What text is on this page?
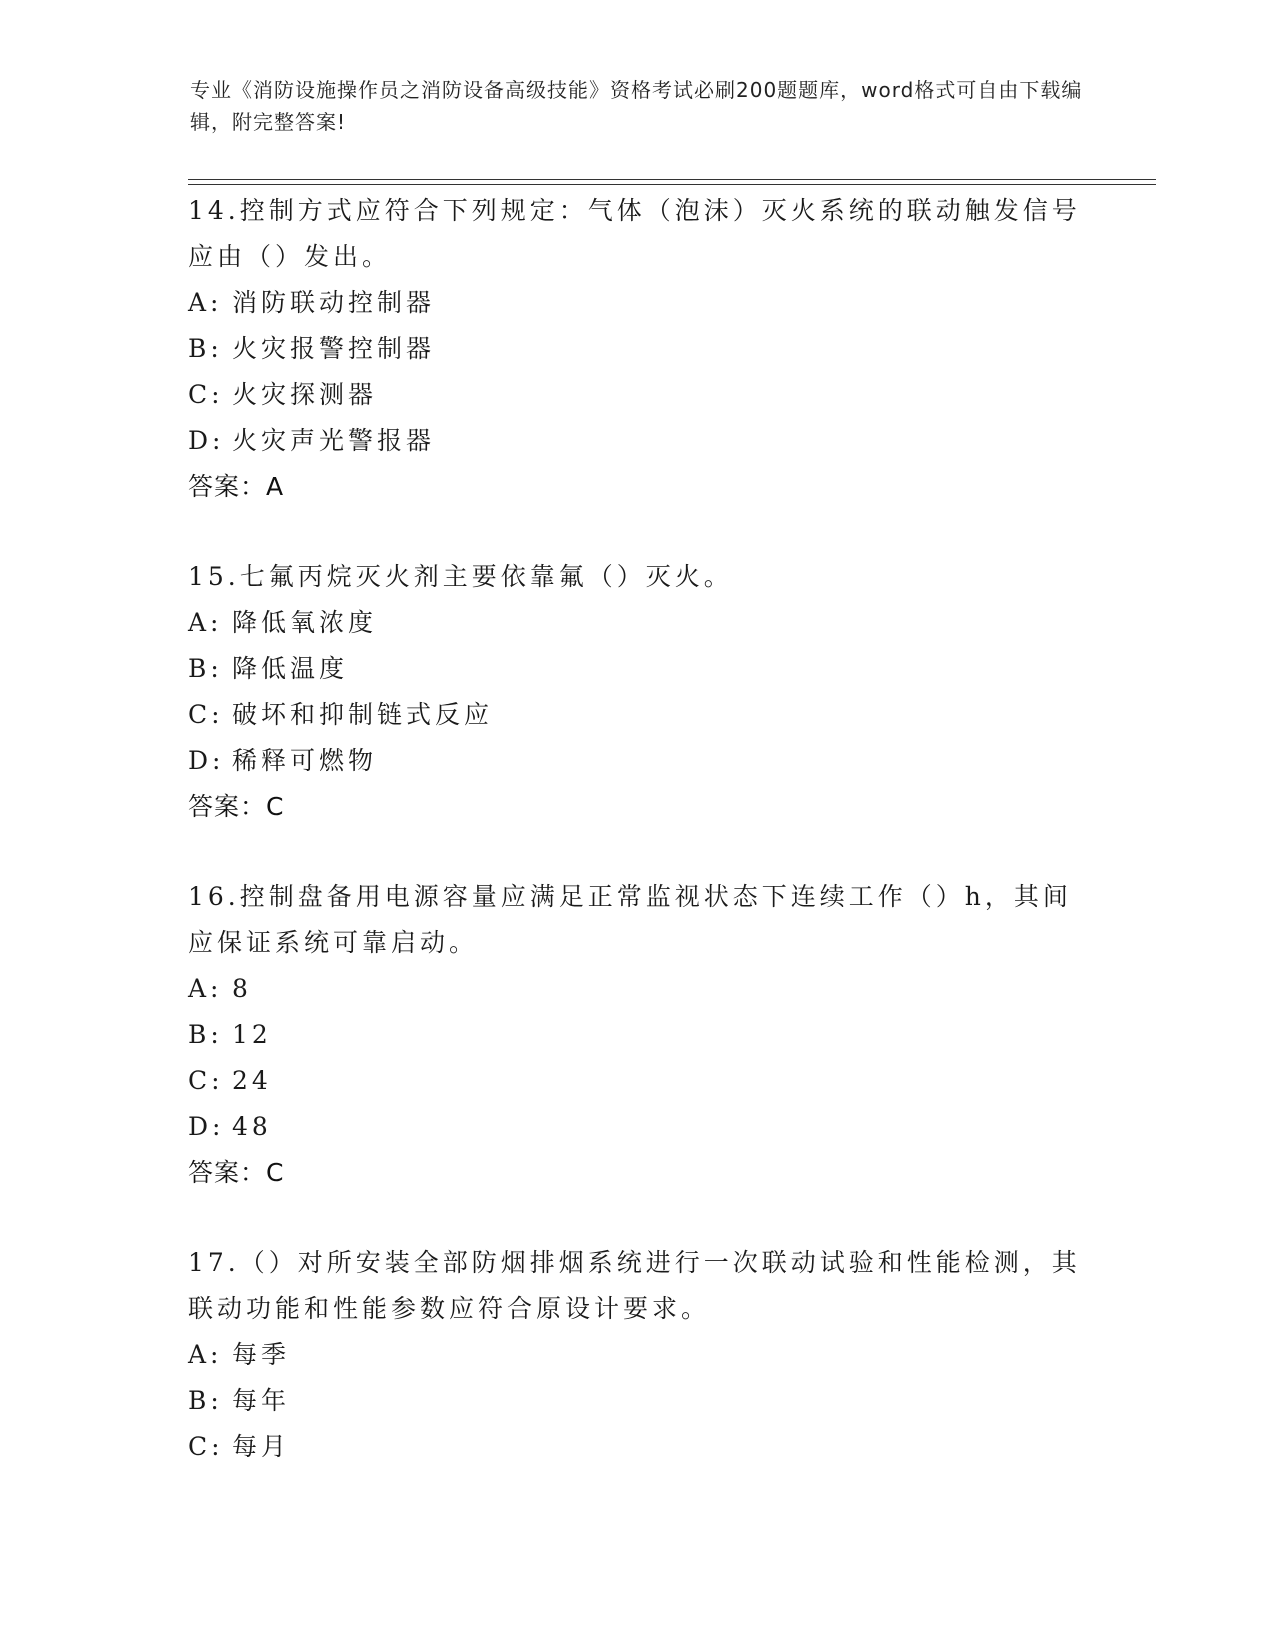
专业《消防设施操作员之消防设备高级技能》资格考试必刷200题题库，word格式可自由下载编辑，附完整答案!
14.控制方式应符合下列规定：气体（泡沫）灭火系统的联动触发信号应由（）发出。
A: 消防联动控制器
B: 火灾报警控制器
C: 火灾探测器
D: 火灾声光警报器
答案：A
15.七氟丙烷灭火剂主要依靠氟（）灭火。
A: 降低氧浓度
B: 降低温度
C: 破坏和抑制链式反应
D: 稀释可燃物
答案：C
16.控制盘备用电源容量应满足正常监视状态下连续工作（）h，其间应保证系统可靠启动。
A: 8
B: 12
C: 24
D: 48
答案：C
17.（）对所安装全部防烟排烟系统进行一次联动试验和性能检测，其联动功能和性能参数应符合原设计要求。
A: 每季
B: 每年
C: 每月
